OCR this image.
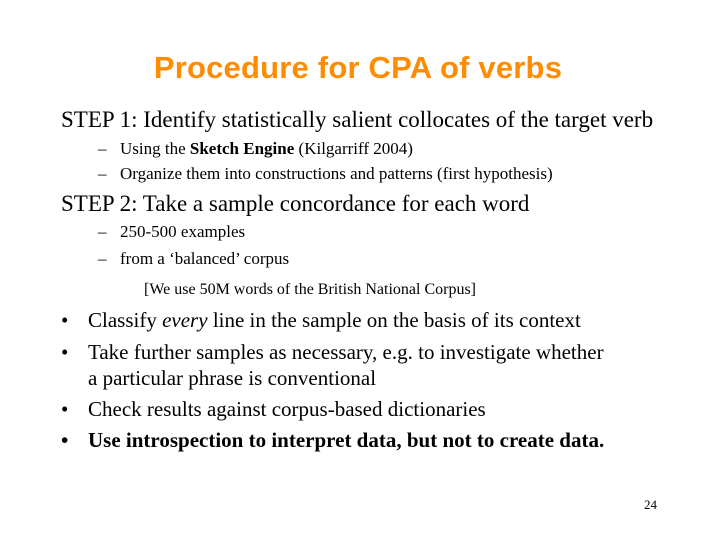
Procedure for CPA of verbs
STEP 1: Identify statistically salient collocates of the target verb
– Using the Sketch Engine (Kilgarriff 2004)
– Organize them into constructions and patterns (first hypothesis)
STEP 2: Take a sample concordance for each word
– 250-500 examples
– from a ‘balanced’ corpus
[We use 50M words of the British National Corpus]
• Classify every line in the sample on the basis of its context
• Take further samples as necessary, e.g. to investigate whether
a particular phrase is conventional
• Check results against corpus-based dictionaries
• Use introspection to interpret data, but not to create data.
24
